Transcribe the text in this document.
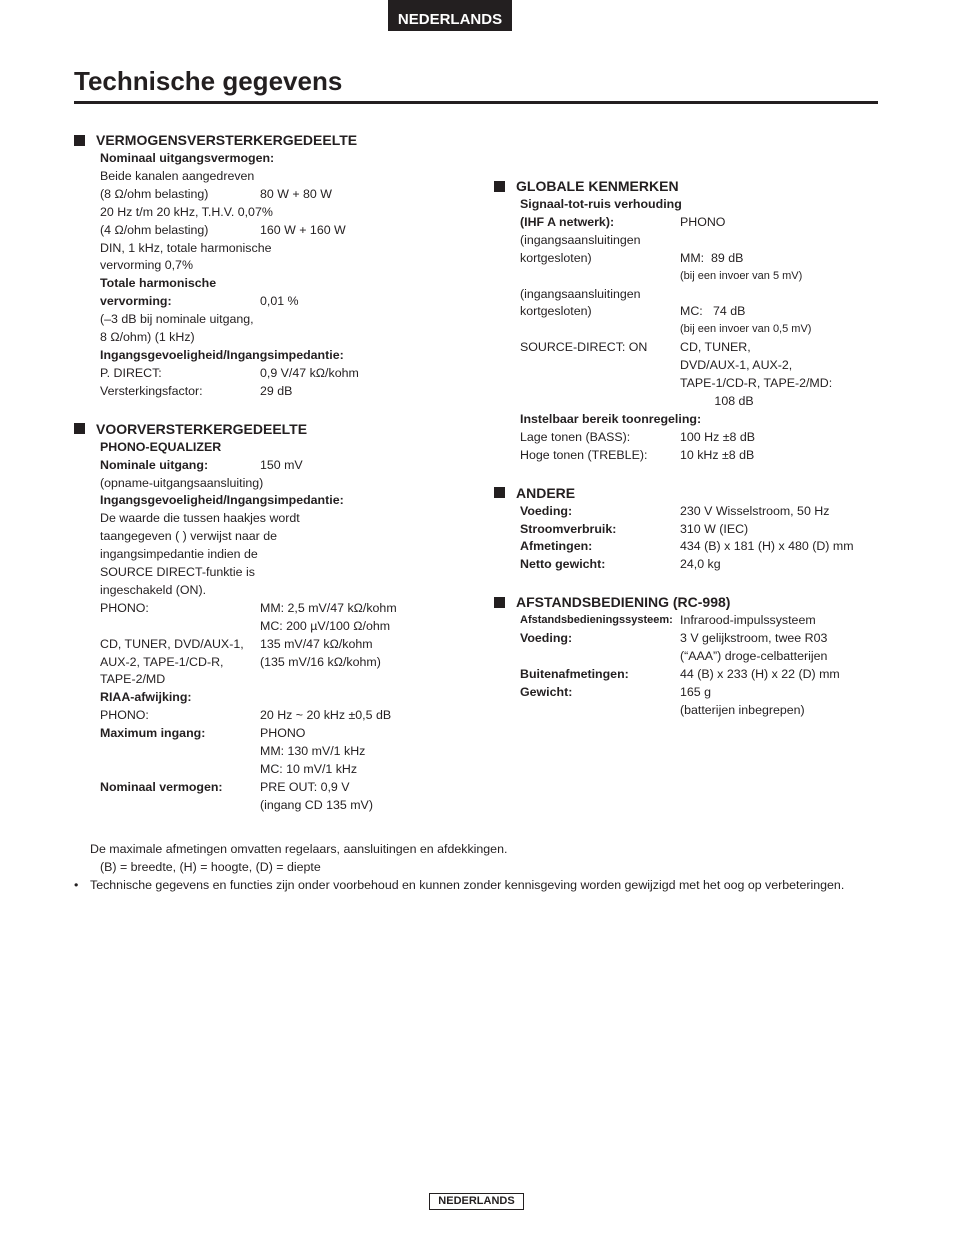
NEDERLANDS
Technische gegevens
VERMOGENSVERSTERKERGEDEELTE
Nominaal uitgangsvermogen:
Beide kanalen aangedreven
(8 Ω/ohm belasting)	80 W + 80 W
20 Hz t/m 20 kHz, T.H.V. 0,07%
(4 Ω/ohm belasting)	160 W + 160 W
DIN, 1 kHz, totale harmonische
vervorming 0,7%
Totale harmonische
vervorming:	0,01 %
(–3 dB bij nominale uitgang,
8 Ω/ohm) (1 kHz)
Ingangsgevoeligheid/Ingangsimpedantie:
P. DIRECT:	0,9 V/47 kΩ/kohm
Versterkingsfactor:	29 dB
VOORVERSTERKERGEDEELTE
PHONO-EQUALIZER
Nominale uitgang:	150 mV
(opname-uitgangsaansluiting)
Ingangsgevoeligheid/Ingangsimpedantie:
De waarde die tussen haakjes wordt
taangegeven ( ) verwijst naar de
ingangsimpedantie indien de
SOURCE DIRECT-funktie is
ingeschakeld (ON).
PHONO:	MM: 2,5 mV/47 kΩ/kohm
MC: 200 µV/100 Ω/ohm
CD, TUNER, DVD/AUX-1,	135 mV/47 kΩ/kohm
AUX-2, TAPE-1/CD-R,	(135 mV/16 kΩ/kohm)
TAPE-2/MD
RIAA-afwijking:
PHONO:	20 Hz ~ 20 kHz ±0,5 dB
Maximum ingang:	PHONO
MM: 130 mV/1 kHz
MC: 10 mV/1 kHz
Nominaal vermogen:	PRE OUT: 0,9 V
(ingang CD 135 mV)
GLOBALE KENMERKEN
Signaal-tot-ruis verhouding
(IHF A netwerk):	PHONO
(ingangsaansluitingen
kortgesloten)	MM:  89 dB
(bij een invoer van 5 mV)
(ingangsaansluitingen
kortgesloten)	MC:   74 dB
(bij een invoer van 0,5 mV)
SOURCE-DIRECT: ON	CD, TUNER,
DVD/AUX-1, AUX-2,
TAPE-1/CD-R, TAPE-2/MD:
108 dB
Instelbaar bereik toonregeling:
Lage tonen (BASS):	100 Hz ±8 dB
Hoge tonen (TREBLE):	10 kHz ±8 dB
ANDERE
Voeding:	230 V Wisselstroom, 50 Hz
Stroomverbruik:	310 W (IEC)
Afmetingen:	434 (B) x 181 (H) x 480 (D) mm
Netto gewicht:	24,0 kg
AFSTANDSBEDIENING (RC-998)
Afstandsbedieningssysteem: Infrarood-impulssysteem
Voeding:	3 V gelijkstroom, twee R03
(“AAA”) droge-celbatterijen
Buitenafmetingen:	44 (B) x 233 (H) x 22 (D) mm
Gewicht:	165 g
(batterijen inbegrepen)
De maximale afmetingen omvatten regelaars, aansluitingen en afdekkingen.
(B) = breedte, (H) = hoogte, (D) = diepte
• Technische gegevens en functies zijn onder voorbehoud en kunnen zonder kennisgeving worden gewijzigd met het oog op verbeteringen.
NEDERLANDS
